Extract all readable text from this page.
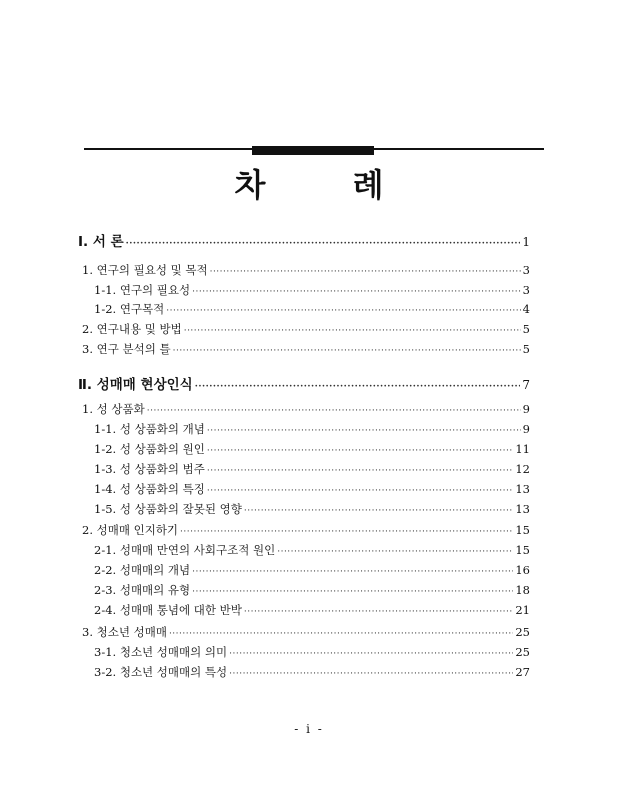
차 례
Ⅰ. 서 론 ·····	1
1. 연구의 필요성 및 목적 ·····	3
1-1. 연구의 필요성 ·····	3
1-2. 연구목적 ·····	4
2. 연구내용 및 방법 ·····	5
3. 연구 분석의 틀 ·····	5
Ⅱ. 성매매 현상인식 ·····	7
1. 성 상품화 ·····	9
1-1. 성 상품화의 개념 ·····	9
1-2. 성 상품화의 원인 ·····	11
1-3. 성 상품화의 범주 ·····	12
1-4. 성 상품화의 특징 ·····	13
1-5. 성 상품화의 잘못된 영향 ·····	13
2. 성매매 인지하기 ·····	15
2-1. 성매매 만연의 사회구조적 원인 ·····	15
2-2. 성매매의 개념 ·····	16
2-3. 성매매의 유형 ·····	18
2-4. 성매매 통념에 대한 반박 ·····	21
3. 청소년 성매매 ·····	25
3-1. 청소년 성매매의 의미 ·····	25
3-2. 청소년 성매매의 특성 ·····	27
- i -
